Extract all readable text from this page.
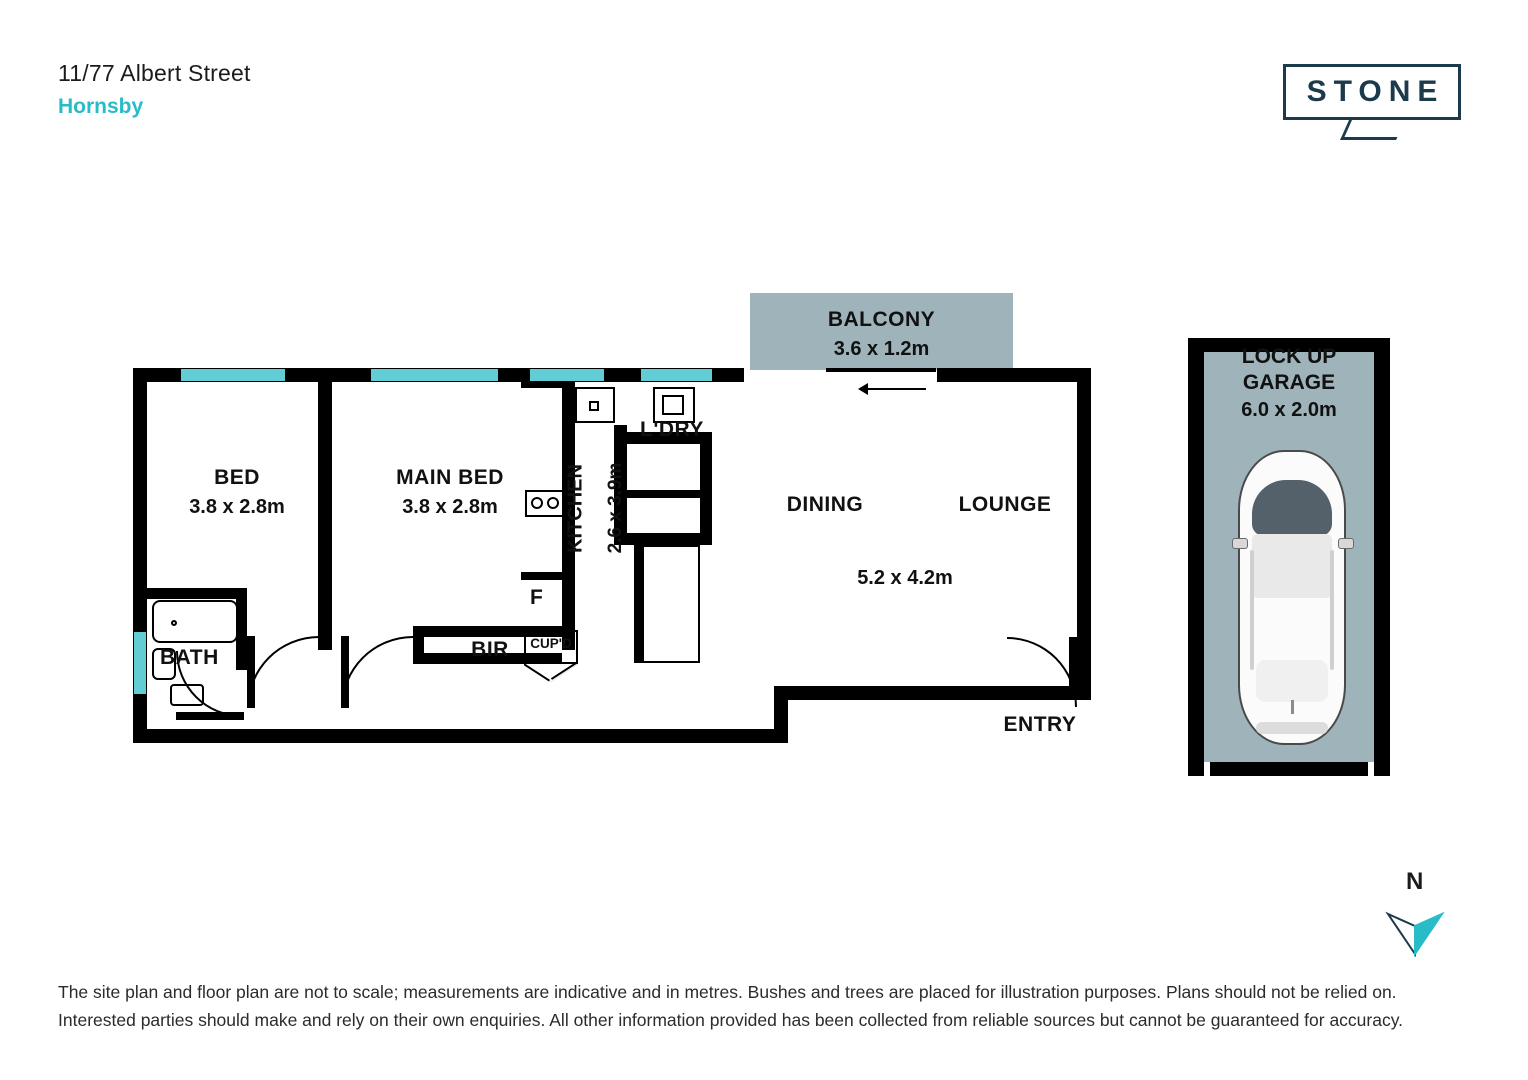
11/77 Albert Street
Hornsby	STONE
BALCONY
3.6 x 1.2m
BIR	CUP'D
F
BED
3.8 x 2.8m
MAIN BED
3.8 x 2.8m	KITCHEN 2.6 x 3.9m
L'DRY
BATH
DINING	LOUNGE
5.2 x 4.2m
ENTRY
LOCK UP
GARAGE
6.0 x 2.0m
N
The site plan and floor plan are not to scale; measurements are indicative and in metres. Bushes and trees are placed for illustration purposes. Plans should not be relied on.
Interested parties should make and rely on their own enquiries. All other information provided has been collected from reliable sources but cannot be guaranteed for accuracy.
